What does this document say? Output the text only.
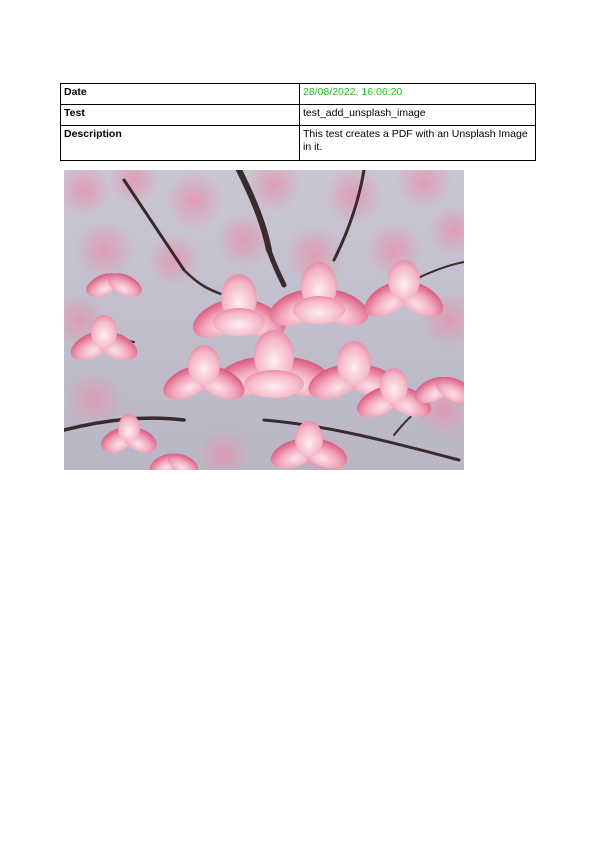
Date	28/08/2022, 16:06:20
Test	test_add_unsplash_image
Description	This test creates a PDF with an Unsplash Image in it.
